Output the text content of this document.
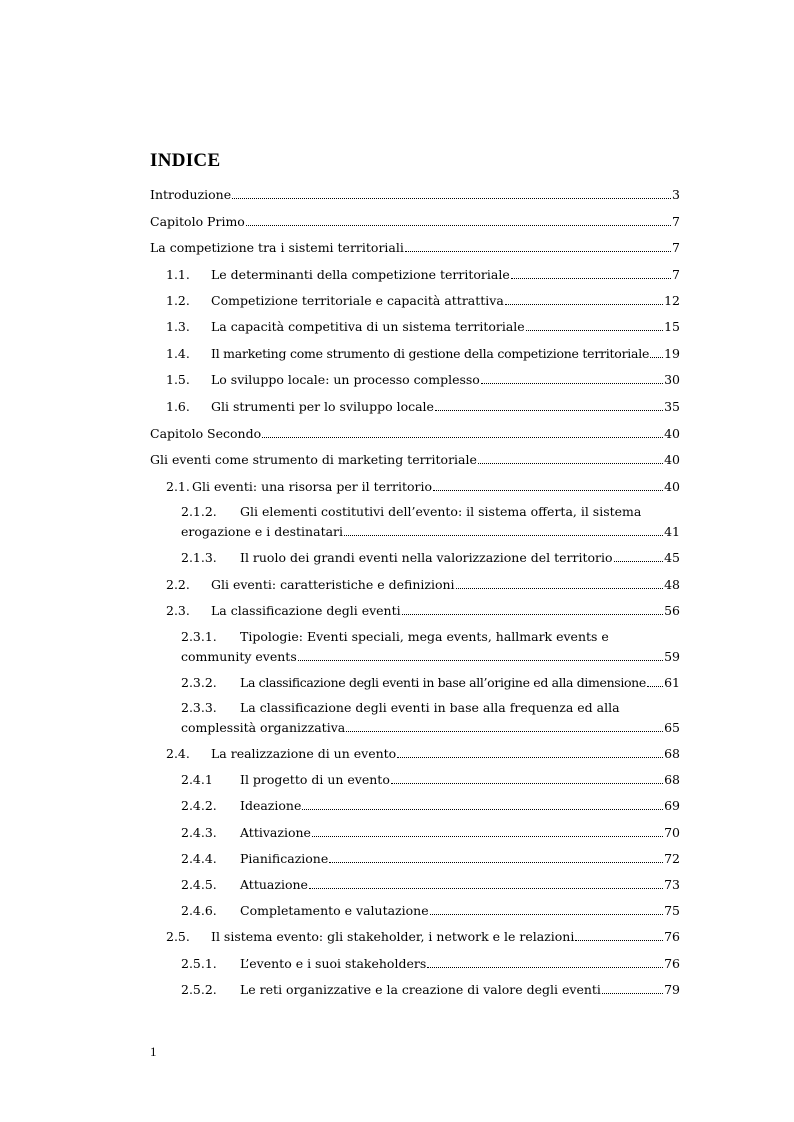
INDICE
Introduzione	3
Capitolo Primo	7
La competizione tra i sistemi territoriali	7
1.1.	Le determinanti della competizione territoriale	7
1.2.	Competizione territoriale e capacità attrattiva	12
1.3.	La capacità competitiva di un sistema territoriale	15
1.4.	Il marketing come strumento di gestione della competizione territoriale 19
1.5.	Lo sviluppo locale: un processo complesso	30
1.6.	Gli strumenti per lo sviluppo locale	35
Capitolo Secondo	40
Gli eventi come strumento di marketing territoriale	40
2.1. Gli eventi: una risorsa per il territorio	40
2.1.2. Gli elementi costitutivi dell’evento: il sistema offerta, il sistema
erogazione e i destinatari	41
2.1.3.	Il ruolo dei grandi eventi nella valorizzazione del territorio	45
2.2.	Gli eventi: caratteristiche e definizioni	48
2.3.	La classificazione degli eventi	56
2.3.1. Tipologie: Eventi speciali, mega events, hallmark events e
community events	59
2.3.2.	La classificazione degli eventi in base all’origine ed alla dimensione 61
2.3.3. La classificazione degli eventi in base alla frequenza ed alla
complessità organizzativa	65
2.4.	La realizzazione di un evento	68
2.4.1	Il progetto di un evento	68
2.4.2.	Ideazione	69
2.4.3.	Attivazione	70
2.4.4.	Pianificazione	72
2.4.5.	Attuazione	73
2.4.6.	Completamento e valutazione	75
2.5.	Il sistema evento: gli stakeholder, i network e le relazioni	76
2.5.1.	L’evento e i suoi stakeholders	76
2.5.2.	Le reti organizzative e la creazione di valore degli eventi	79
1
